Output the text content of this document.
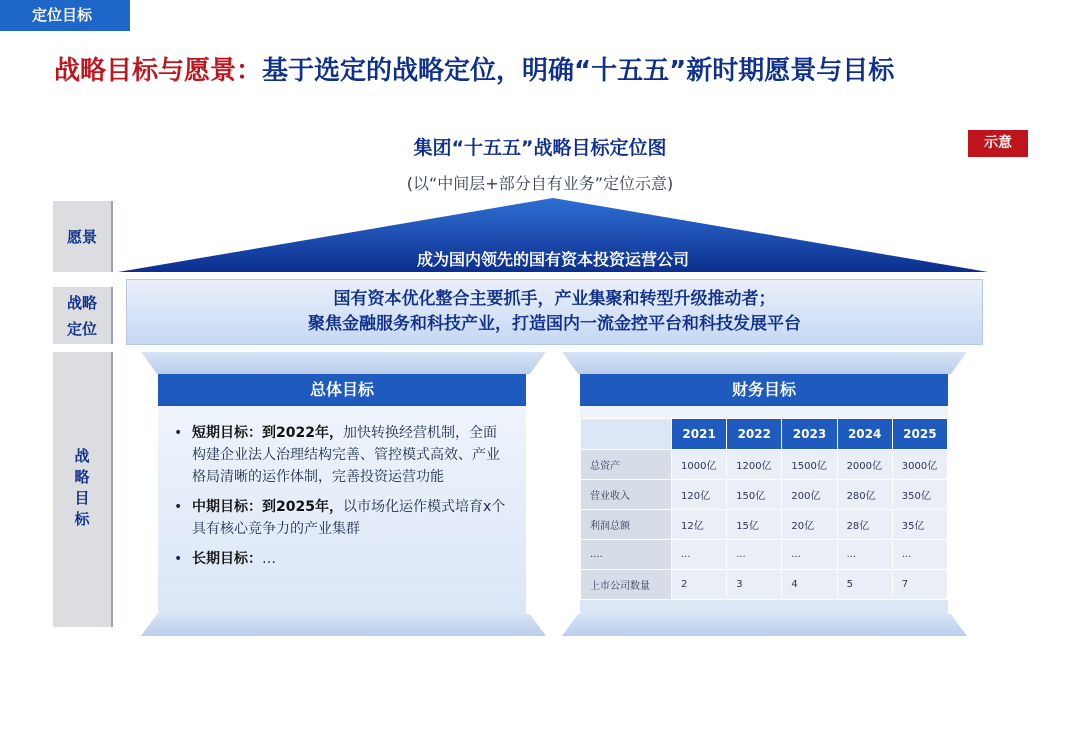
定位目标
战略目标与愿景：基于选定的战略定位，明确“十五五”新时期愿景与目标
集团“十五五”战略目标定位图
(以“中间层+部分自有业务”定位示意)
示意
愿景
战略
定位
战略目标
成为国内领先的国有资本投资运营公司
国有资本优化整合主要抓手，产业集聚和转型升级推动者；
聚焦金融服务和科技产业，打造国内一流金控平台和科技发展平台
总体目标
• 短期目标：到2022年，加快转换经营机制，全面构建企业法人治理结构完善、管控模式高效、产业格局清晰的运作体制，完善投资运营功能
• 中期目标：到2025年，以市场化运作模式培育x个具有核心竞争力的产业集群
• 长期目标：…
财务目标
	2021	2022	2023	2024	2025
总资产	1000亿	1200亿	1500亿	2000亿	3000亿
营业收入	120亿	150亿	200亿	280亿	350亿
利润总额	12亿	15亿	20亿	28亿	35亿
....	...	...	...	...	...
上市公司数量	2	3	4	5	7
